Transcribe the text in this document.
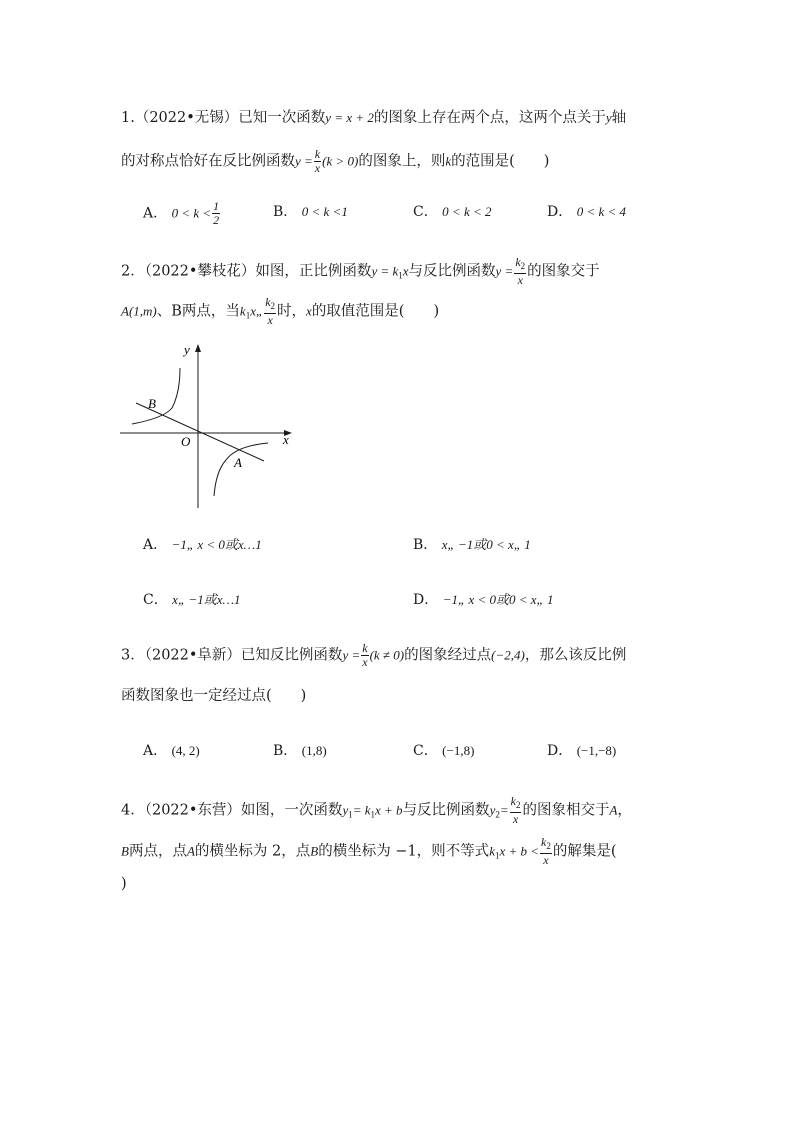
1.（2022•无锡）已知一次函数y = x + 2的图象上存在两个点，这两个点关于y轴
的对称点恰好在反比例函数$y = \frac{k}{x} (k > 0)$的图象上，则k的范围是(　　)
A． $0 < k < \frac{1}{2}$	B． 0 < k <1	C． 0 < k < 2	D． 0 < k < 4
2．（2022•攀枝花）如图，正比例函数$y = k_1x$与反比例函数$y = \frac{k_2}{x}$ 的图象交于
A(1,m)、B两点，当$k_1x„ \frac{k_2}{x}$ 时，x的取值范围是(　　)
y
x
O
A
B
A． −1„ x < 0或x…1	B． x„ −1或0 < x„ 1
C． x„ −1或x…1	D． −1„ x < 0或0 < x„ 1
3．（2022•阜新）已知反比例函数$y = \frac{k}{x} (k \ne 0)$的图象经过点(−2,4)，那么该反比例
函数图象也一定经过点(　　)
A． (4, 2)	B． (1,8)	C． (−1,8)	D． (−1,−8)
4．（2022•东营）如图，一次函数$y_1= k_1x + b$与反比例函数$y_2= \frac{k_2}{x}$ 的图象相交于A，
B两点，点A的横坐标为 2，点B的横坐标为 −1，则不等式$k_1x + b < \frac{k_2}{x}$ 的解集是(
)
